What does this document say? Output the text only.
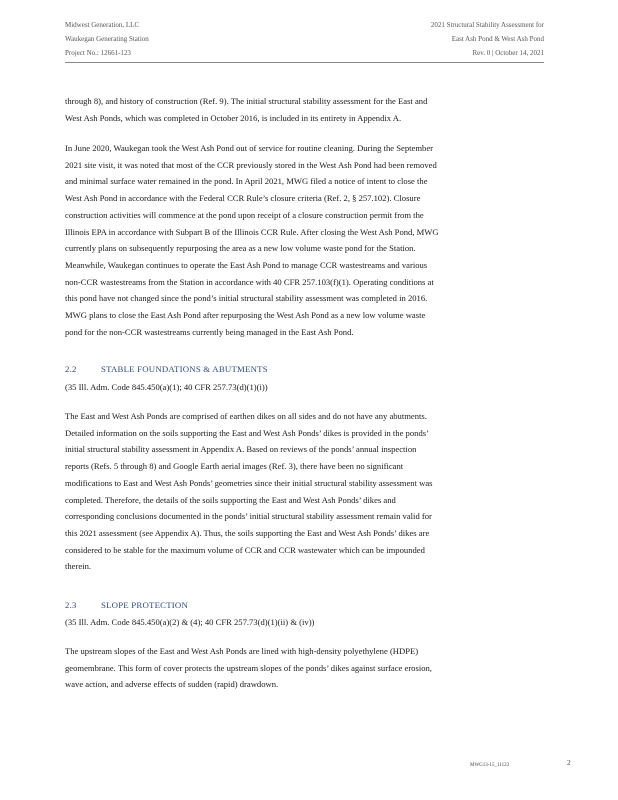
Midwest Generation, LLC
Waukegan Generating Station
Project No.: 12661-123
2021 Structural Stability Assessment for
East Ash Pond & West Ash Pond
Rev. 0 | October 14, 2021
through 8), and history of construction (Ref. 9). The initial structural stability assessment for the East and
West Ash Ponds, which was completed in October 2016, is included in its entirety in Appendix A.
In June 2020, Waukegan took the West Ash Pond out of service for routine cleaning. During the September
2021 site visit, it was noted that most of the CCR previously stored in the West Ash Pond had been removed
and minimal surface water remained in the pond. In April 2021, MWG filed a notice of intent to close the
West Ash Pond in accordance with the Federal CCR Rule’s closure criteria (Ref. 2, § 257.102). Closure
construction activities will commence at the pond upon receipt of a closure construction permit from the
Illinois EPA in accordance with Subpart B of the Illinois CCR Rule. After closing the West Ash Pond, MWG
currently plans on subsequently repurposing the area as a new low volume waste pond for the Station.
Meanwhile, Waukegan continues to operate the East Ash Pond to manage CCR wastestreams and various
non-CCR wastestreams from the Station in accordance with 40 CFR 257.103(f)(1). Operating conditions at
this pond have not changed since the pond’s initial structural stability assessment was completed in 2016.
MWG plans to close the East Ash Pond after repurposing the West Ash Pond as a new low volume waste
pond for the non-CCR wastestreams currently being managed in the East Ash Pond.
2.2	STABLE FOUNDATIONS & ABUTMENTS
(35 Ill. Adm. Code 845.450(a)(1); 40 CFR 257.73(d)(1)(i))
The East and West Ash Ponds are comprised of earthen dikes on all sides and do not have any abutments.
Detailed information on the soils supporting the East and West Ash Ponds’ dikes is provided in the ponds’
initial structural stability assessment in Appendix A. Based on reviews of the ponds’ annual inspection
reports (Refs. 5 through 8) and Google Earth aerial images (Ref. 3), there have been no significant
modifications to East and West Ash Ponds’ geometries since their initial structural stability assessment was
completed. Therefore, the details of the soils supporting the East and West Ash Ponds’ dikes and
corresponding conclusions documented in the ponds’ initial structural stability assessment remain valid for
this 2021 assessment (see Appendix A). Thus, the soils supporting the East and West Ash Ponds’ dikes are
considered to be stable for the maximum volume of CCR and CCR wastewater which can be impounded
therein.
2.3	SLOPE PROTECTION
(35 Ill. Adm. Code 845.450(a)(2) & (4); 40 CFR 257.73(d)(1)(ii) & (iv))
The upstream slopes of the East and West Ash Ponds are lined with high-density polyethylene (HDPE)
geomembrane. This form of cover protects the upstream slopes of the ponds’ dikes against surface erosion,
wave action, and adverse effects of sudden (rapid) drawdown.
MWG13-15_11123	2
